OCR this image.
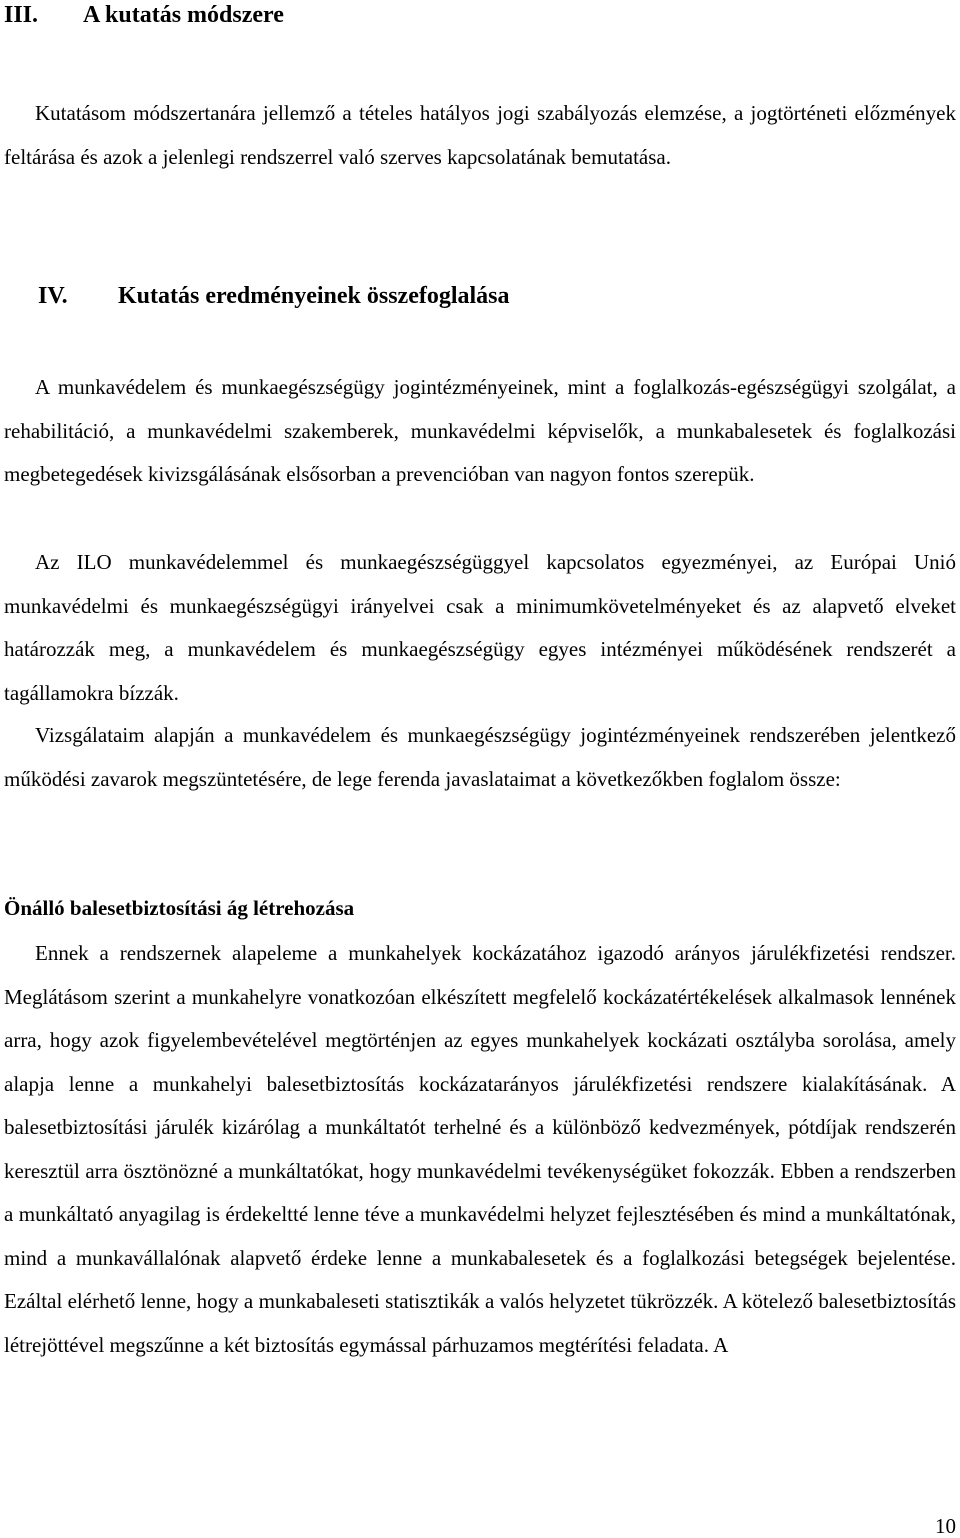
III. A kutatás módszere

Kutatásom módszertanára jellemző a tételes hatályos jogi szabályozás elemzése, a jogtörténeti előzmények feltárása és azok a jelenlegi rendszerrel való szerves kapcsolatának bemutatása.

IV. Kutatás eredményeinek összefoglalása

A munkavédelem és munkaegészségügy jogintézményeinek, mint a foglalkozás-egészségügyi szolgálat, a rehabilitáció, a munkavédelmi szakemberek, munkavédelmi képviselők, a munkabalesetek és foglalkozási megbetegedések kivizsgálásának elsősorban a prevencióban van nagyon fontos szerepük.

Az ILO munkavédelemmel és munkaegészségüggyel kapcsolatos egyezményei, az Európai Unió munkavédelmi és munkaegészségügyi irányelvei csak a minimumkövetelményeket és az alapvető elveket határozzák meg, a munkavédelem és munkaegészségügy egyes intézményei működésének rendszerét a tagállamokra bízzák.

Vizsgálataim alapján a munkavédelem és munkaegészségügy jogintézményeinek rendszerében jelentkező működési zavarok megszüntetésére, de lege ferenda javaslataimat a következőkben foglalom össze:

Önálló balesetbiztosítási ág létrehozása

Ennek a rendszernek alapeleme a munkahelyek kockázatához igazodó arányos járulékfizetési rendszer. Meglátásom szerint a munkahelyre vonatkozóan elkészített megfelelő kockázatértékelések alkalmasok lennének arra, hogy azok figyelembevételével megtörténjen az egyes munkahelyek kockázati osztályba sorolása, amely alapja lenne a munkahelyi balesetbiztosítás kockázatarányos járulékfizetési rendszere kialakításának. A balesetbiztosítási járulék kizárólag a munkáltatót terhelné és a különböző kedvezmények, pótdíjak rendszerén keresztül arra ösztönözné a munkáltatókat, hogy munkavédelmi tevékenységüket fokozzák. Ebben a rendszerben a munkáltató anyagilag is érdekeltté lenne téve a munkavédelmi helyzet fejlesztésében és mind a munkáltatónak, mind a munkavállalónak alapvető érdeke lenne a munkabalesetek és a foglalkozási betegségek bejelentése. Ezáltal elérhető lenne, hogy a munkabaleseti statisztikák a valós helyzetet tükrözzék. A kötelező balesetbiztosítás létrejöttével megszűnne a két biztosítás egymással párhuzamos megtérítési feladata. A

10
